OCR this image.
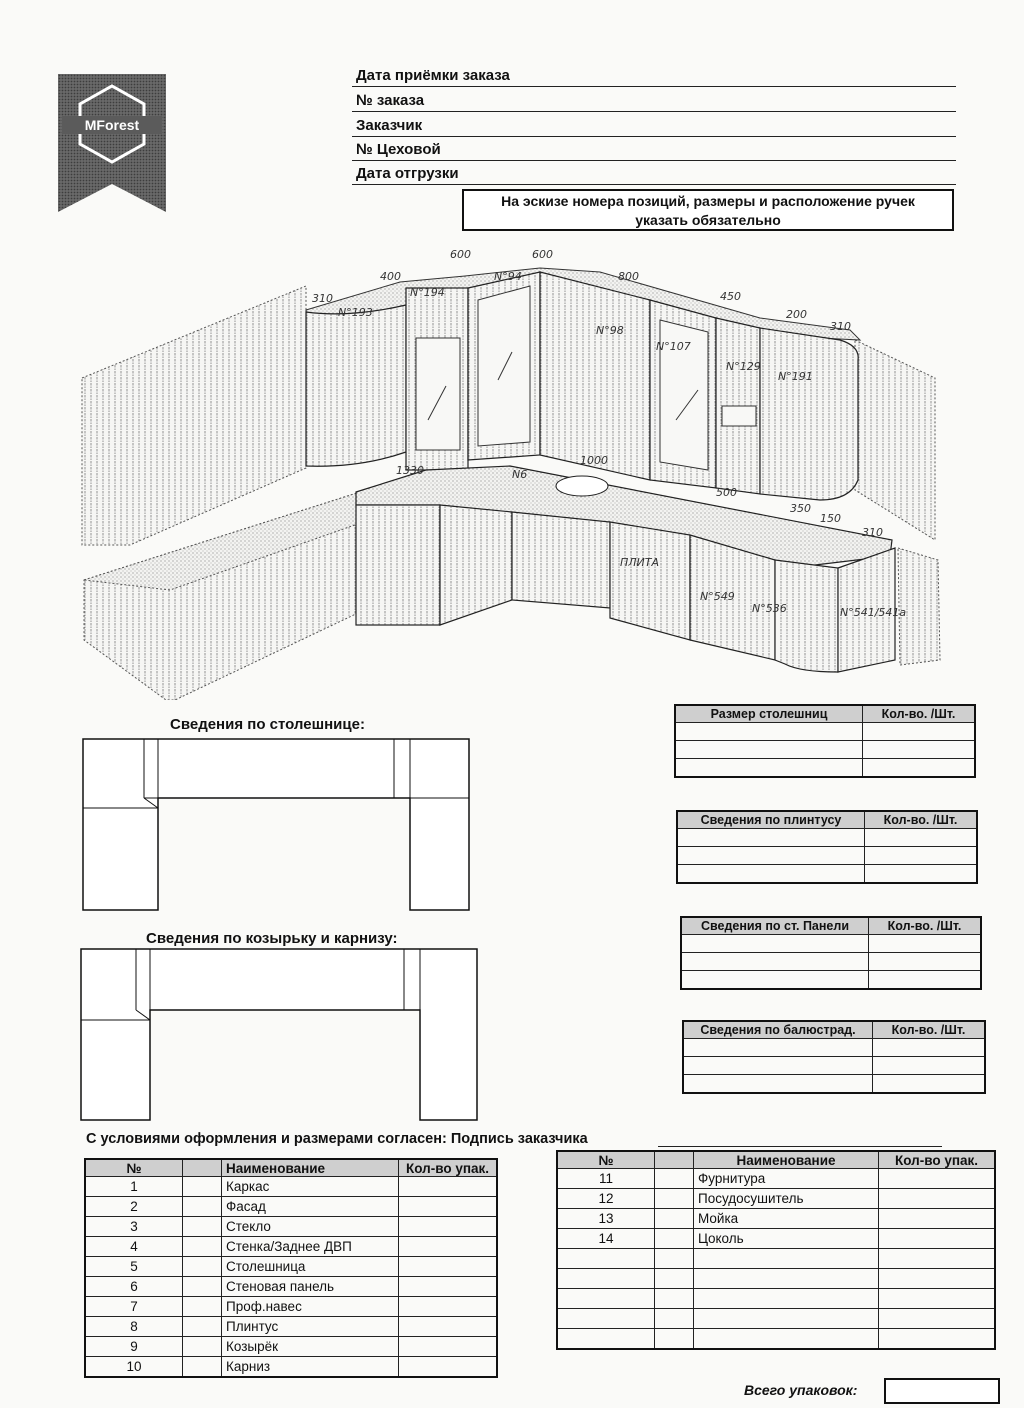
MForest
Дата приёмки заказа
№ заказа
Заказчик
№ Цеховой
Дата отгрузки
На эскизе номера позиций, размеры и расположение ручек
указать обязательно
310
400
600	600
800
450
200
310
N°193
N°194
N°94
N°98
N°107
N°129
N°191
1330
1000
500
350
150
310
N6
ПЛИТА
N°549
N°536	N°541/541а
Сведения по столешнице:
Сведения по козырьку и карнизу:
Размер столешниц	Кол-во. /Шт.

Сведения по плинтусу	Кол-во. /Шт.

Сведения по ст. Панели	Кол-во. /Шт.

Сведения по балюстрад.	Кол-во. /Шт.

С условиями оформления и размерами согласен: Подпись заказчика
№		Наименование	Кол-во упак.
1		Каркас	
2		Фасад	
3		Стекло	
4		Стенка/Заднее ДВП	
5		Столешница	
6		Стеновая панель	
7		Проф.навес	
8		Плинтус	
9		Козырёк	
10		Карниз	
№		Наименование	Кол-во упак.
11		Фурнитура	
12		Посудосушитель	
13		Мойка	
14		Цоколь	

Всего упаковок:
